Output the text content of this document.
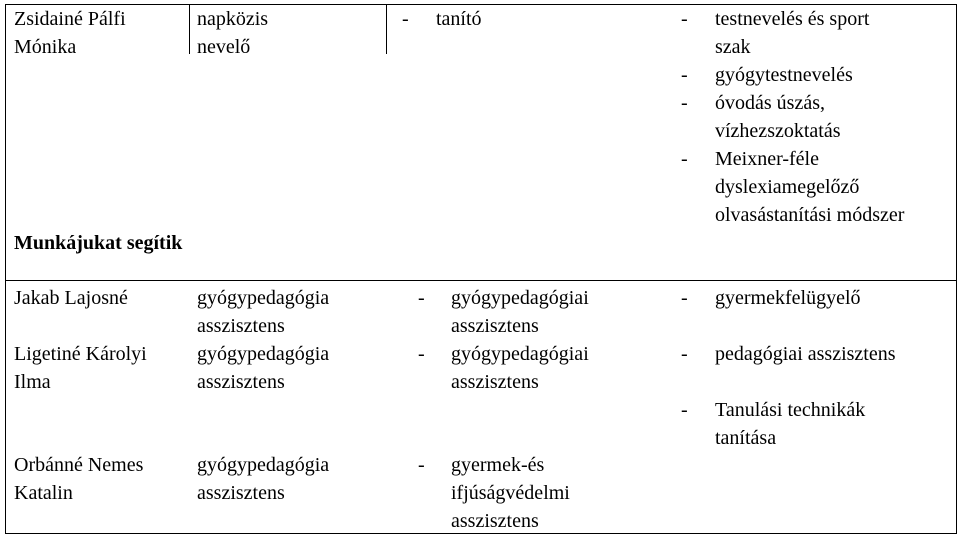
Zsidainé Pálfi
Mónika
napközis
nevelő
- tanító	- testnevelés és sport
szak
- gyógytestnevelés
- óvodás úszás,
vízhezszoktatás
- Meixner-féle
dyslexiamegelőző
olvasástanítási módszer
Munkájukat segítik
Jakab Lajosné	gyógypedagógia
asszisztens
- gyógypedagógiai
asszisztens
- gyermekfelügyelő
Ligetiné Károlyi
Ilma
gyógypedagógia
asszisztens
- gyógypedagógiai
asszisztens
- pedagógiai asszisztens
- Tanulási technikák
tanítása
Orbánné Nemes
Katalin
gyógypedagógia
asszisztens
- gyermek-és
ifjúságvédelmi
asszisztens
